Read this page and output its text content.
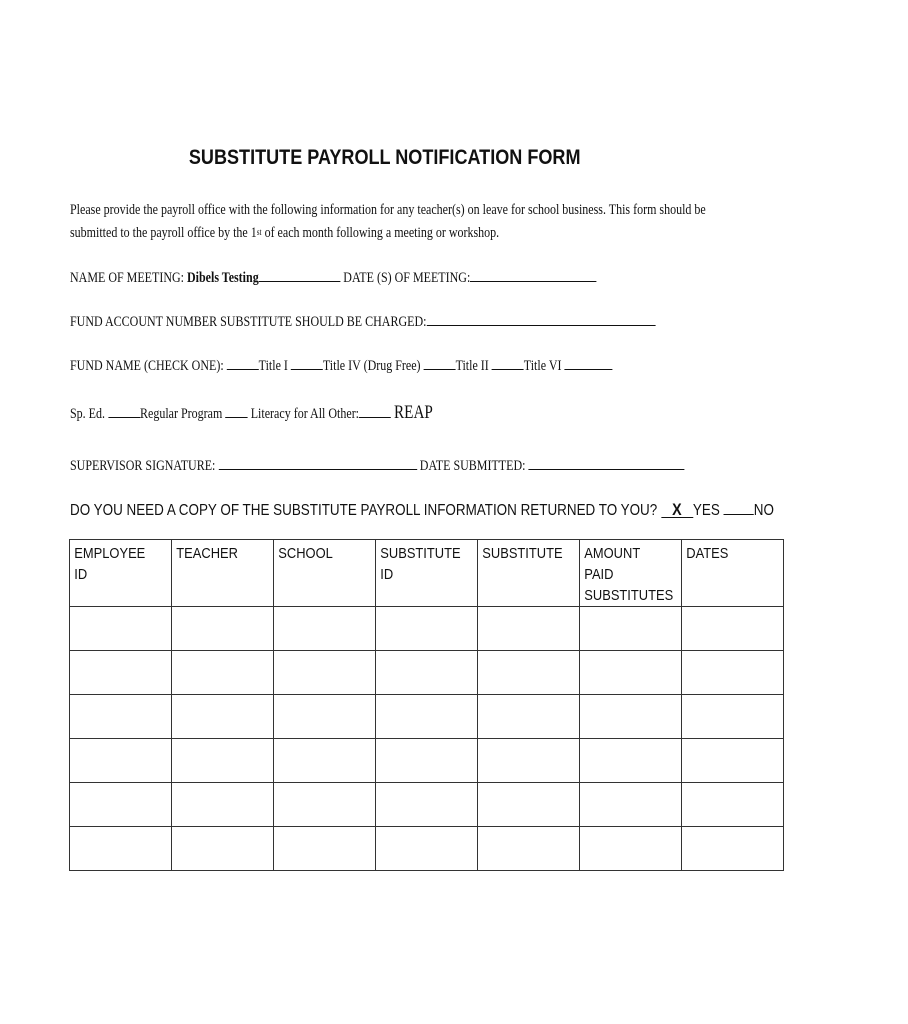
SUBSTITUTE PAYROLL NOTIFICATION FORM
Please provide the payroll office with the following information for any teacher(s) on leave for school business. This form should be
submitted to the payroll office by the 1st of each month following a meeting or workshop.
NAME OF MEETING: Dibels Testing	DATE (S) OF MEETING:
FUND ACCOUNT NUMBER SUBSTITUTE SHOULD BE CHARGED:
FUND NAME (CHECK ONE): Title I Title IV (Drug Free) Title II Title VI
Sp. Ed. Regular Program  Literacy for All Other: REAP
SUPERVISOR SIGNATURE:	DATE SUBMITTED:
DO YOU NEED A COPY OF THE SUBSTITUTE PAYROLL INFORMATION RETURNED TO YOU? X YES NO
EMPLOYEE ID	TEACHER	SCHOOL	SUBSTITUTE ID	SUBSTITUTE	AMOUNT PAID SUBSTITUTES	DATES
